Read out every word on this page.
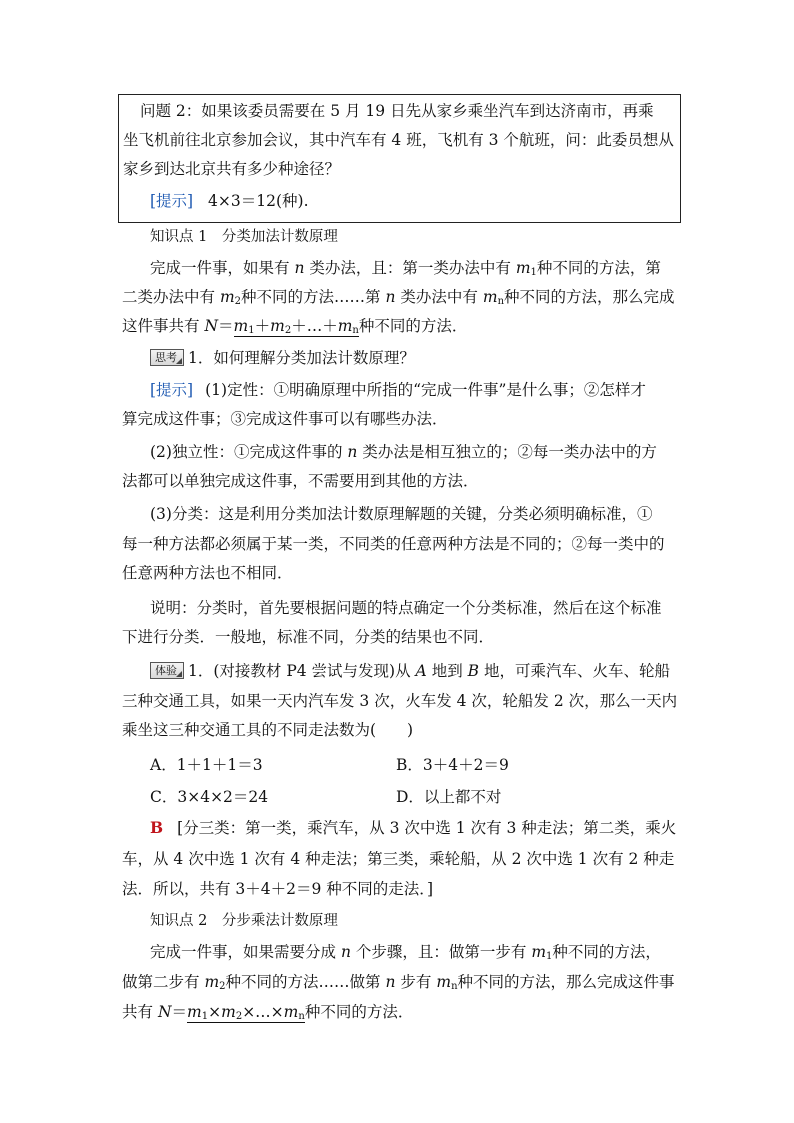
问题 2：如果该委员需要在 5 月 19 日先从家乡乘坐汽车到达济南市，再乘
坐飞机前往北京参加会议，其中汽车有 4 班，飞机有 3 个航班，问：此委员想从
家乡到达北京共有多少种途径？
[提示] 4×3＝12(种).
知识点 1　分类加法计数原理
完成一件事，如果有 n 类办法，且：第一类办法中有 $m_1$种不同的方法，第
二类办法中有 $m_2$种不同的方法……第 n 类办法中有 $m_n$种不同的方法，那么完成
这件事共有 $N=m_1+m_2+\dots+m_n$种不同的方法．
思考 1．如何理解分类加法计数原理？
[提示] (1)定性：①明确原理中所指的“完成一件事”是什么事；②怎样才
算完成这件事；③完成这件事可以有哪些办法．
(2)独立性：①完成这件事的 n 类办法是相互独立的；②每一类办法中的方
法都可以单独完成这件事，不需要用到其他的方法．
(3)分类：这是利用分类加法计数原理解题的关键，分类必须明确标准，①
每一种方法都必须属于某一类，不同类的任意两种方法是不同的；②每一类中的
任意两种方法也不相同．
说明：分类时，首先要根据问题的特点确定一个分类标准，然后在这个标准
下进行分类．一般地，标准不同，分类的结果也不同．
体验 1．(对接教材 P4 尝试与发现)从 A 地到 B 地，可乘汽车、火车、轮船
三种交通工具，如果一天内汽车发 3 次，火车发 4 次，轮船发 2 次，那么一天内
乘坐这三种交通工具的不同走法数为(　　)
A．1＋1＋1＝3	B．3＋4＋2＝9
C．3×4×2＝24	D．以上都不对
B [分三类：第一类，乘汽车，从 3 次中选 1 次有 3 种走法；第二类，乘火
车，从 4 次中选 1 次有 4 种走法；第三类，乘轮船，从 2 次中选 1 次有 2 种走
法．所以，共有 3＋4＋2＝9 种不同的走法．]
知识点 2　分步乘法计数原理
完成一件事，如果需要分成 n 个步骤，且：做第一步有 $m_1$种不同的方法，
做第二步有 $m_2$种不同的方法……做第 n 步有 $m_n$种不同的方法，那么完成这件事
共有 $N=m_1\times m_2\times\dots\times m_n$种不同的方法．
